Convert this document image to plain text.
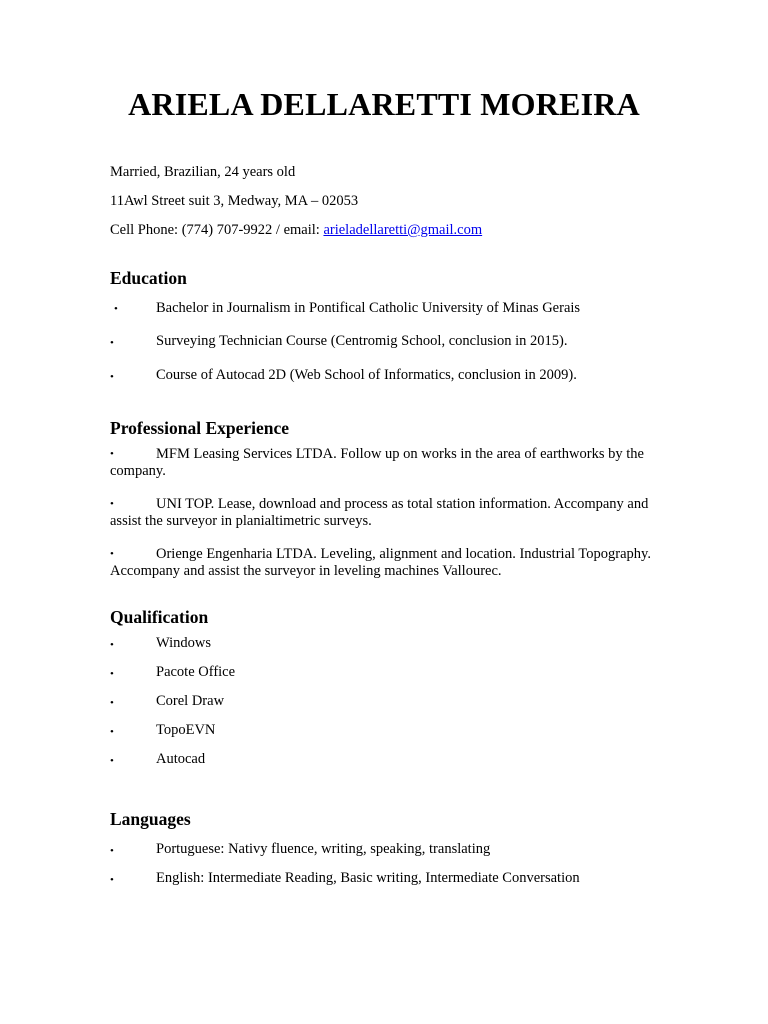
ARIELA DELLARETTI MOREIRA
Married, Brazilian, 24 years old
11Awl Street suit 3, Medway, MA – 02053
Cell Phone: (774) 707-9922 / email: arieladellaretti@gmail.com
Education
•	Bachelor in Journalism in Pontifical Catholic University of Minas Gerais
•	Surveying Technician Course (Centromig School, conclusion in 2015).
•	Course of Autocad 2D (Web School of Informatics, conclusion in 2009).
Professional Experience
•	MFM Leasing Services LTDA. Follow up on works in the area of earthworks by the company.
•	UNI TOP. Lease, download and process as total station information. Accompany and assist the surveyor in planialtimetric surveys.
•	Orienge Engenharia LTDA. Leveling, alignment and location. Industrial Topography. Accompany and assist the surveyor in leveling machines Vallourec.
Qualification
•	Windows
•	Pacote Office
•	Corel Draw
•	TopoEVN
•	Autocad
Languages
•	Portuguese: Nativy fluence, writing, speaking, translating
•	English: Intermediate Reading, Basic writing, Intermediate Conversation
